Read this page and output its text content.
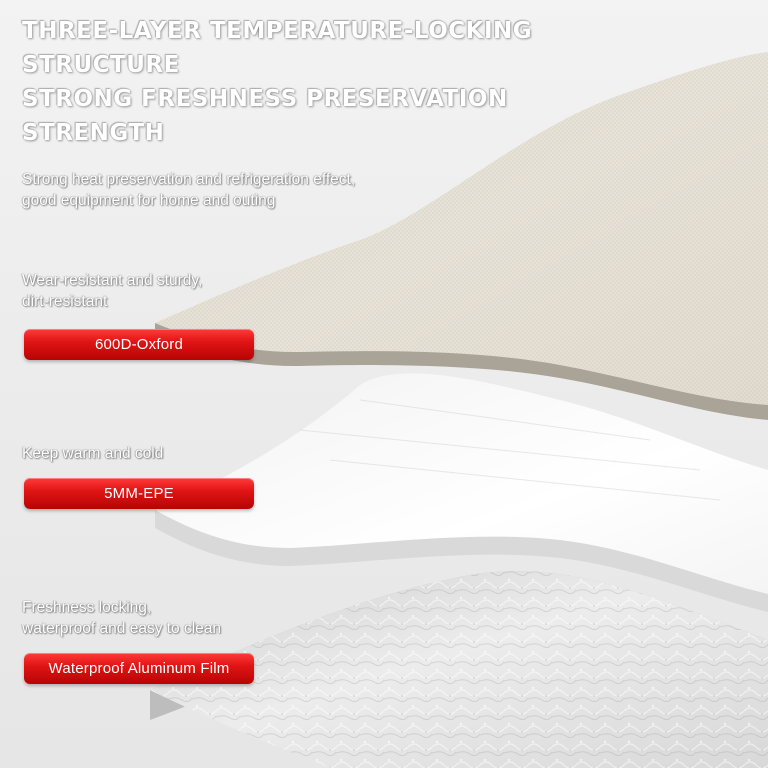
THREE-LAYER TEMPERATURE-LOCKING
STRUCTURE
STRONG FRESHNESS PRESERVATION
STRENGTH
Strong heat preservation and refrigeration effect,
good equipment for home and outing
Wear-resistant and sturdy,
dirt-resistant
600D-Oxford
Keep warm and cold
5MM-EPE
Freshness locking,
waterproof and easy to clean
Waterproof Aluminum Film
